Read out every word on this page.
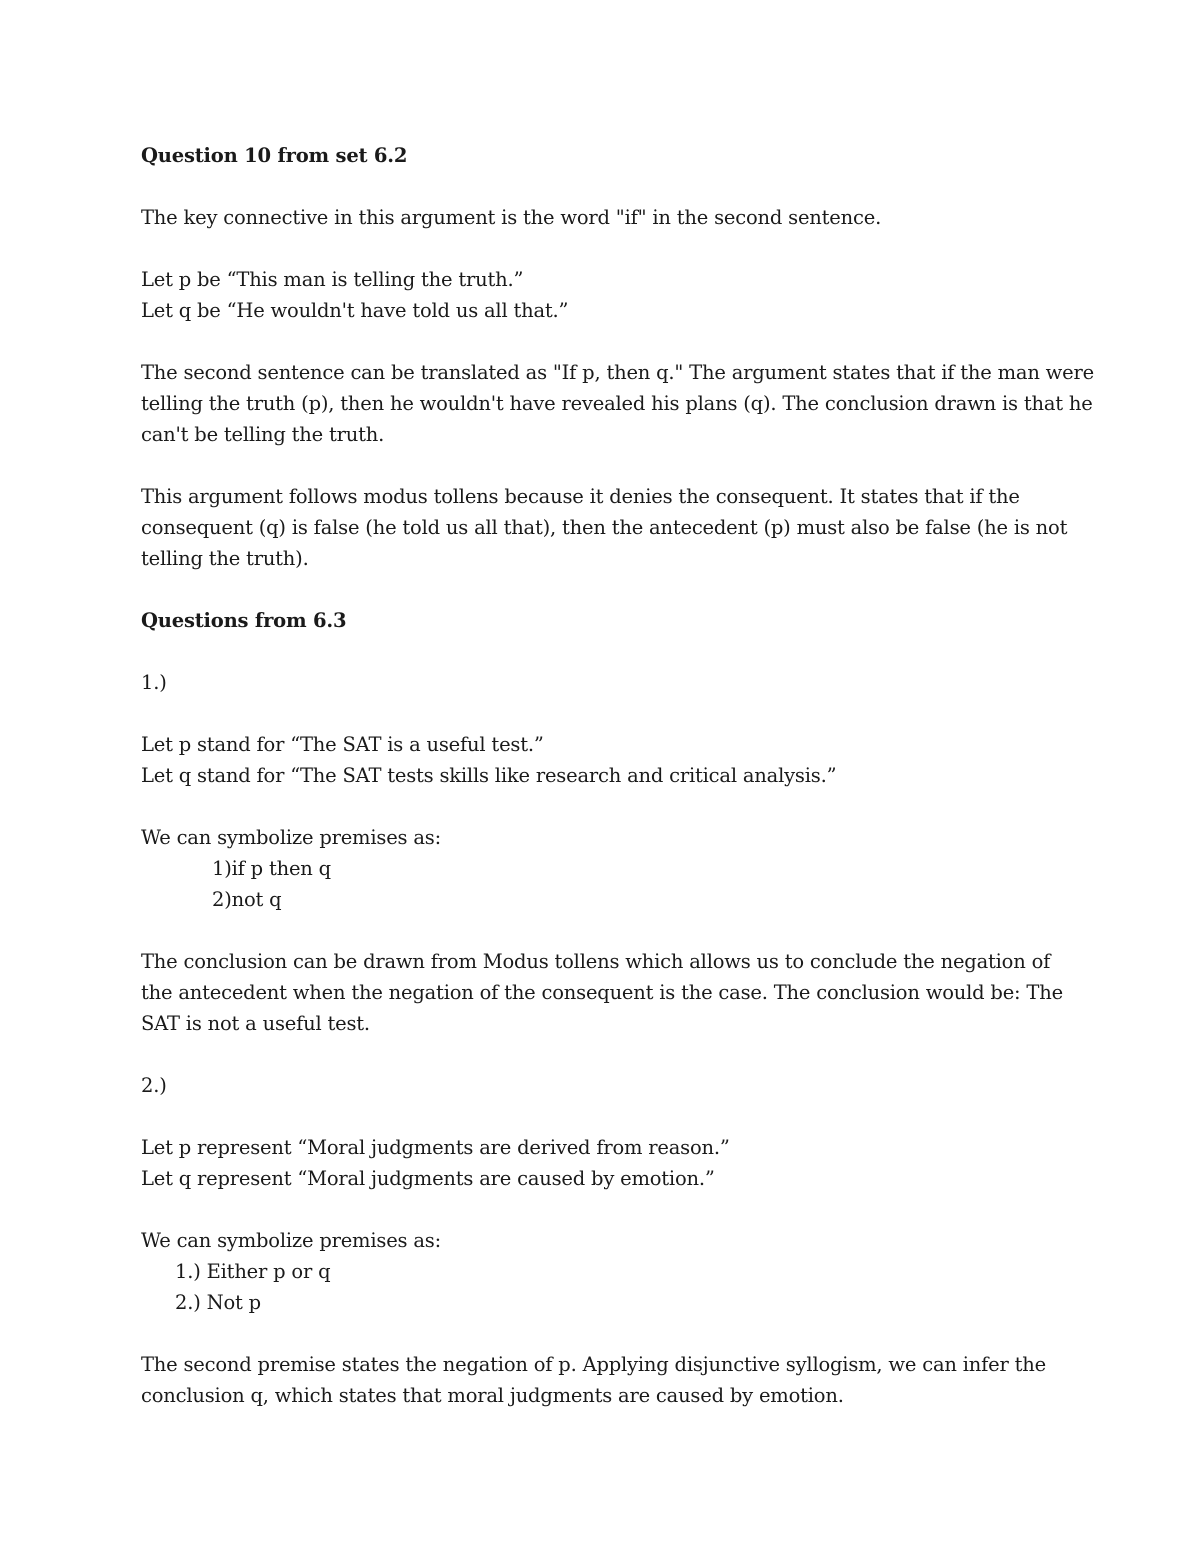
Question 10 from set 6.2
The key connective in this argument is the word "if" in the second sentence.
Let p be “This man is telling the truth.”
Let q be “He wouldn't have told us all that.”
The second sentence can be translated as "If p, then q." The argument states that if the man were
telling the truth (p), then he wouldn't have revealed his plans (q). The conclusion drawn is that he
can't be telling the truth.
This argument follows modus tollens because it denies the consequent. It states that if the
consequent (q) is false (he told us all that), then the antecedent (p) must also be false (he is not
telling the truth).
Questions from 6.3
1.)
Let p stand for “The SAT is a useful test.”
Let q stand for “The SAT tests skills like research and critical analysis.”
We can symbolize premises as:
1)if p then q
2)not q
The conclusion can be drawn from Modus tollens which allows us to conclude the negation of
the antecedent when the negation of the consequent is the case. The conclusion would be: The
SAT is not a useful test.
2.)
Let p represent “Moral judgments are derived from reason.”
Let q represent “Moral judgments are caused by emotion.”
We can symbolize premises as:
1.) Either p or q
2.) Not p
The second premise states the negation of p. Applying disjunctive syllogism, we can infer the
conclusion q, which states that moral judgments are caused by emotion.
